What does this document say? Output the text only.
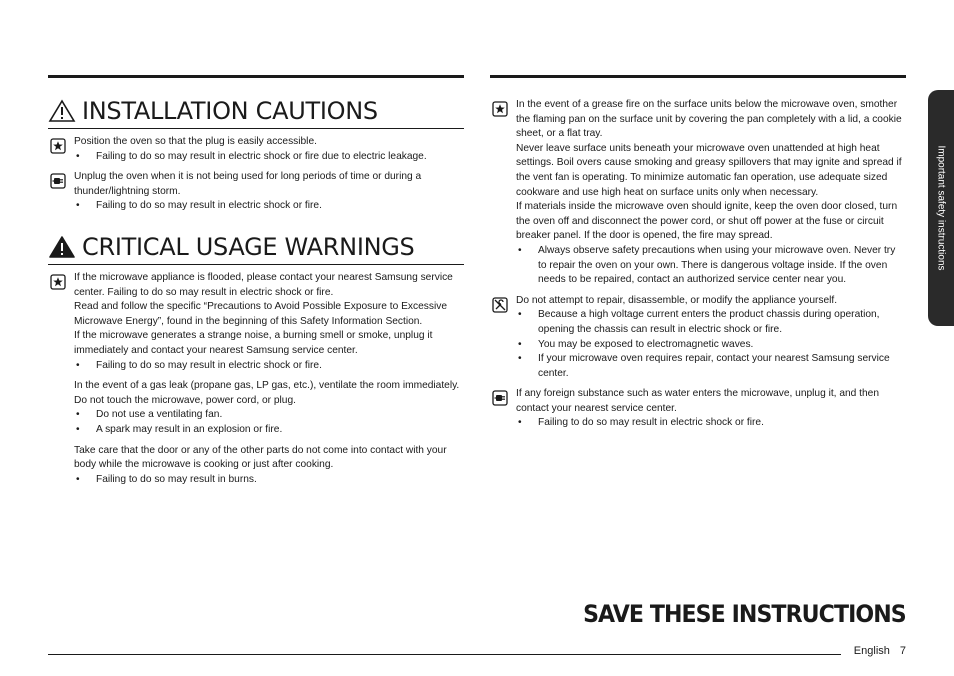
INSTALLATION CAUTIONS

Position the oven so that the plug is easily accessible.

• Failing to do so may result in electric shock or fire due to electric leakage.

Unplug the oven when it is not being used for long periods of time or during a thunder/lightning storm.

• Failing to do so may result in electric shock or fire.
CRITICAL USAGE WARNINGS

If the microwave appliance is flooded, please contact your nearest Samsung service center. Failing to do so may result in electric shock or fire.

Read and follow the specific “Precautions to Avoid Possible Exposure to Excessive Microwave Energy”, found in the beginning of this Safety Information Section.

If the microwave generates a strange noise, a burning smell or smoke, unplug it immediately and contact your nearest Samsung service center.

• Failing to do so may result in electric shock or fire.

In the event of a gas leak (propane gas, LP gas, etc.), ventilate the room immediately. Do not touch the microwave, power cord, or plug.

• Do not use a ventilating fan.
• A spark may result in an explosion or fire.

Take care that the door or any of the other parts do not come into contact with your body while the microwave is cooking or just after cooking.

• Failing to do so may result in burns.

In the event of a grease fire on the surface units below the microwave oven, smother the flaming pan on the surface unit by covering the pan completely with a lid, a cookie sheet, or a flat tray.

Never leave surface units beneath your microwave oven unattended at high heat settings. Boil overs cause smoking and greasy spillovers that may ignite and spread if the vent fan is operating. To minimize automatic fan operation, use adequate sized cookware and use high heat on surface units only when necessary.

If materials inside the microwave oven should ignite, keep the oven door closed, turn the oven off and disconnect the power cord, or shut off power at the fuse or circuit breaker panel. If the door is opened, the fire may spread.

• Always observe safety precautions when using your microwave oven. Never try to repair the oven on your own. There is dangerous voltage inside. If the oven needs to be repaired, contact an authorized service center near you.

Do not attempt to repair, disassemble, or modify the appliance yourself.

• Because a high voltage current enters the product chassis during operation, opening the chassis can result in electric shock or fire.
• You may be exposed to electromagnetic waves.
• If your microwave oven requires repair, contact your nearest Samsung service center.

If any foreign substance such as water enters the microwave, unplug it, and then contact your nearest service center.

• Failing to do so may result in electric shock or fire.
Important safety instructions
SAVE THESE INSTRUCTIONS
English 7
